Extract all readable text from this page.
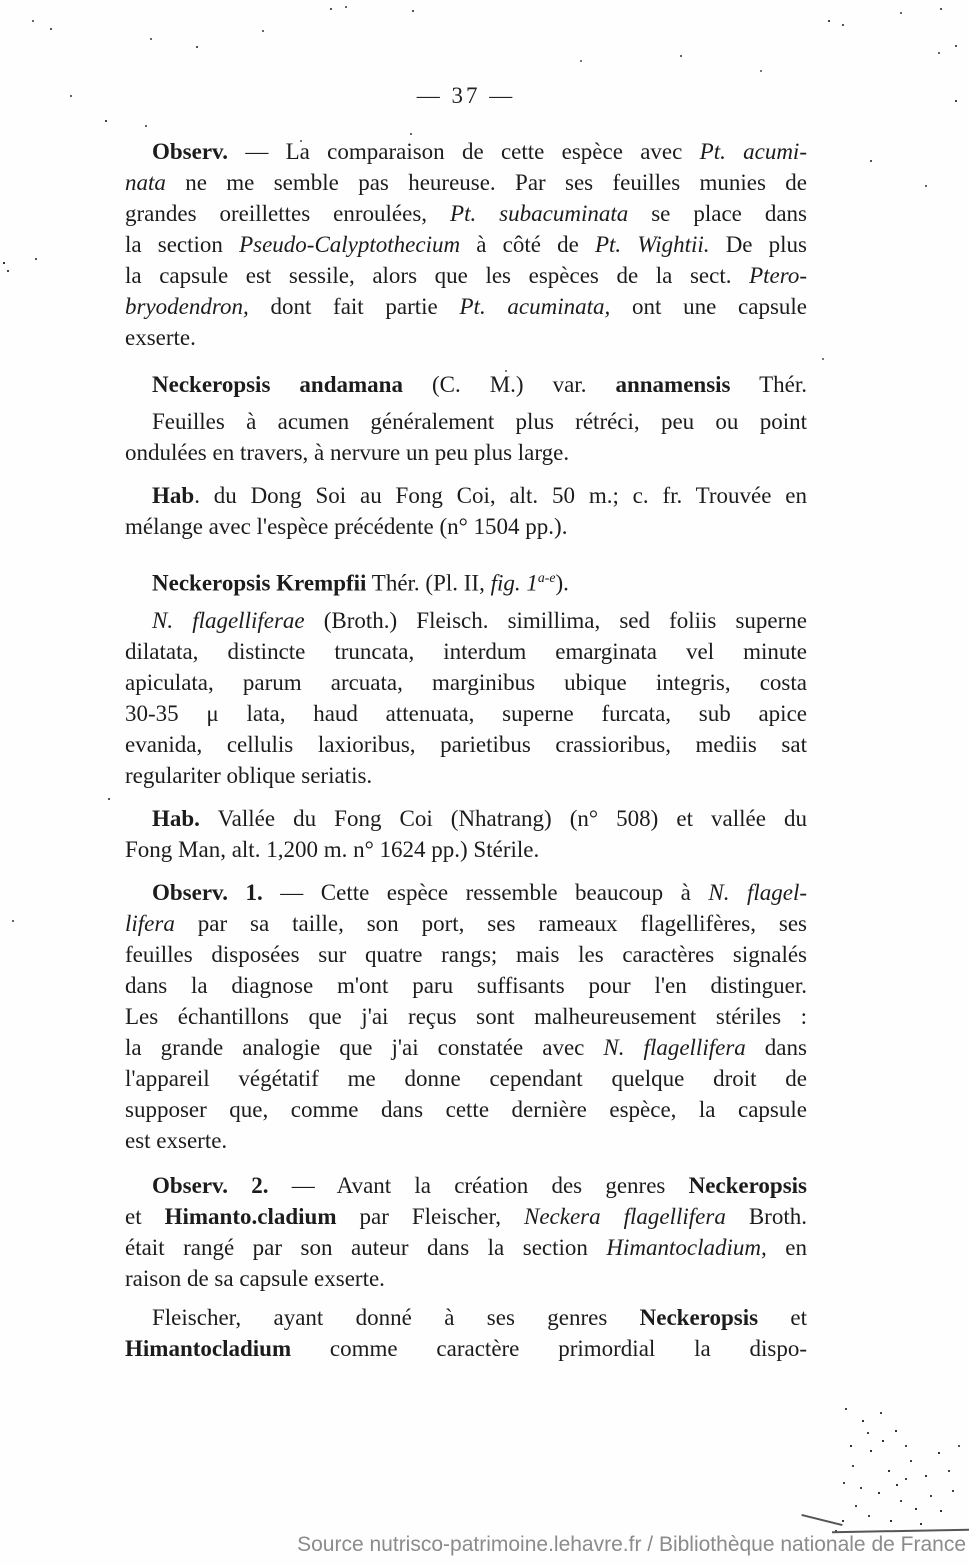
— 37 —
Observ. — La comparaison de cette espèce avec Pt. acumi-
nata ne me semble pas heureuse. Par ses feuilles munies de
grandes oreillettes enroulées, Pt. subacuminata se place dans
la section Pseudo-Calyptothecium à côté de Pt. Wightii. De plus
la capsule est sessile, alors que les espèces de la sect. Ptero-
bryodendron, dont fait partie Pt. acuminata, ont une capsule
exserte.
Neckeropsis andamana (C. M.) var. annamensis Thér.
Feuilles à acumen généralement plus rétréci, peu ou point
ondulées en travers, à nervure un peu plus large.
Hab. du Dong Soi au Fong Coi, alt. 50 m.; c. fr. Trouvée en
mélange avec l'espèce précédente (n° 1504 pp.).
Neckeropsis Krempfii Thér. (Pl. II, fig. 1$^{a-e}$).
N. flagelliferae (Broth.) Fleisch. simillima, sed foliis superne
dilatata, distincte truncata, interdum emarginata vel minute
apiculata, parum arcuata, marginibus ubique integris, costa
30-35 μ lata, haud attenuata, superne furcata, sub apice
evanida, cellulis laxioribus, parietibus crassioribus, mediis sat
regulariter oblique seriatis.
Hab. Vallée du Fong Coi (Nhatrang) (n° 508) et vallée du
Fong Man, alt. 1,200 m. n° 1624 pp.) Stérile.
Observ. 1. — Cette espèce ressemble beaucoup à N. flagel-
lifera par sa taille, son port, ses rameaux flagellifères, ses
feuilles disposées sur quatre rangs; mais les caractères signalés
dans la diagnose m'ont paru suffisants pour l'en distinguer.
Les échantillons que j'ai reçus sont malheureusement stériles :
la grande analogie que j'ai constatée avec N. flagellifera dans
l'appareil végétatif me donne cependant quelque droit de
supposer que, comme dans cette dernière espèce, la capsule
est exserte.
Observ. 2. — Avant la création des genres Neckeropsis
et Himanto.cladium par Fleischer, Neckera flagellifera Broth.
était rangé par son auteur dans la section Himantocladium, en
raison de sa capsule exserte.
Fleischer, ayant donné à ses genres Neckeropsis et
Himantocladium comme caractère primordial la dispo-
Source nutrisco-patrimoine.lehavre.fr / Bibliothèque nationale de France
